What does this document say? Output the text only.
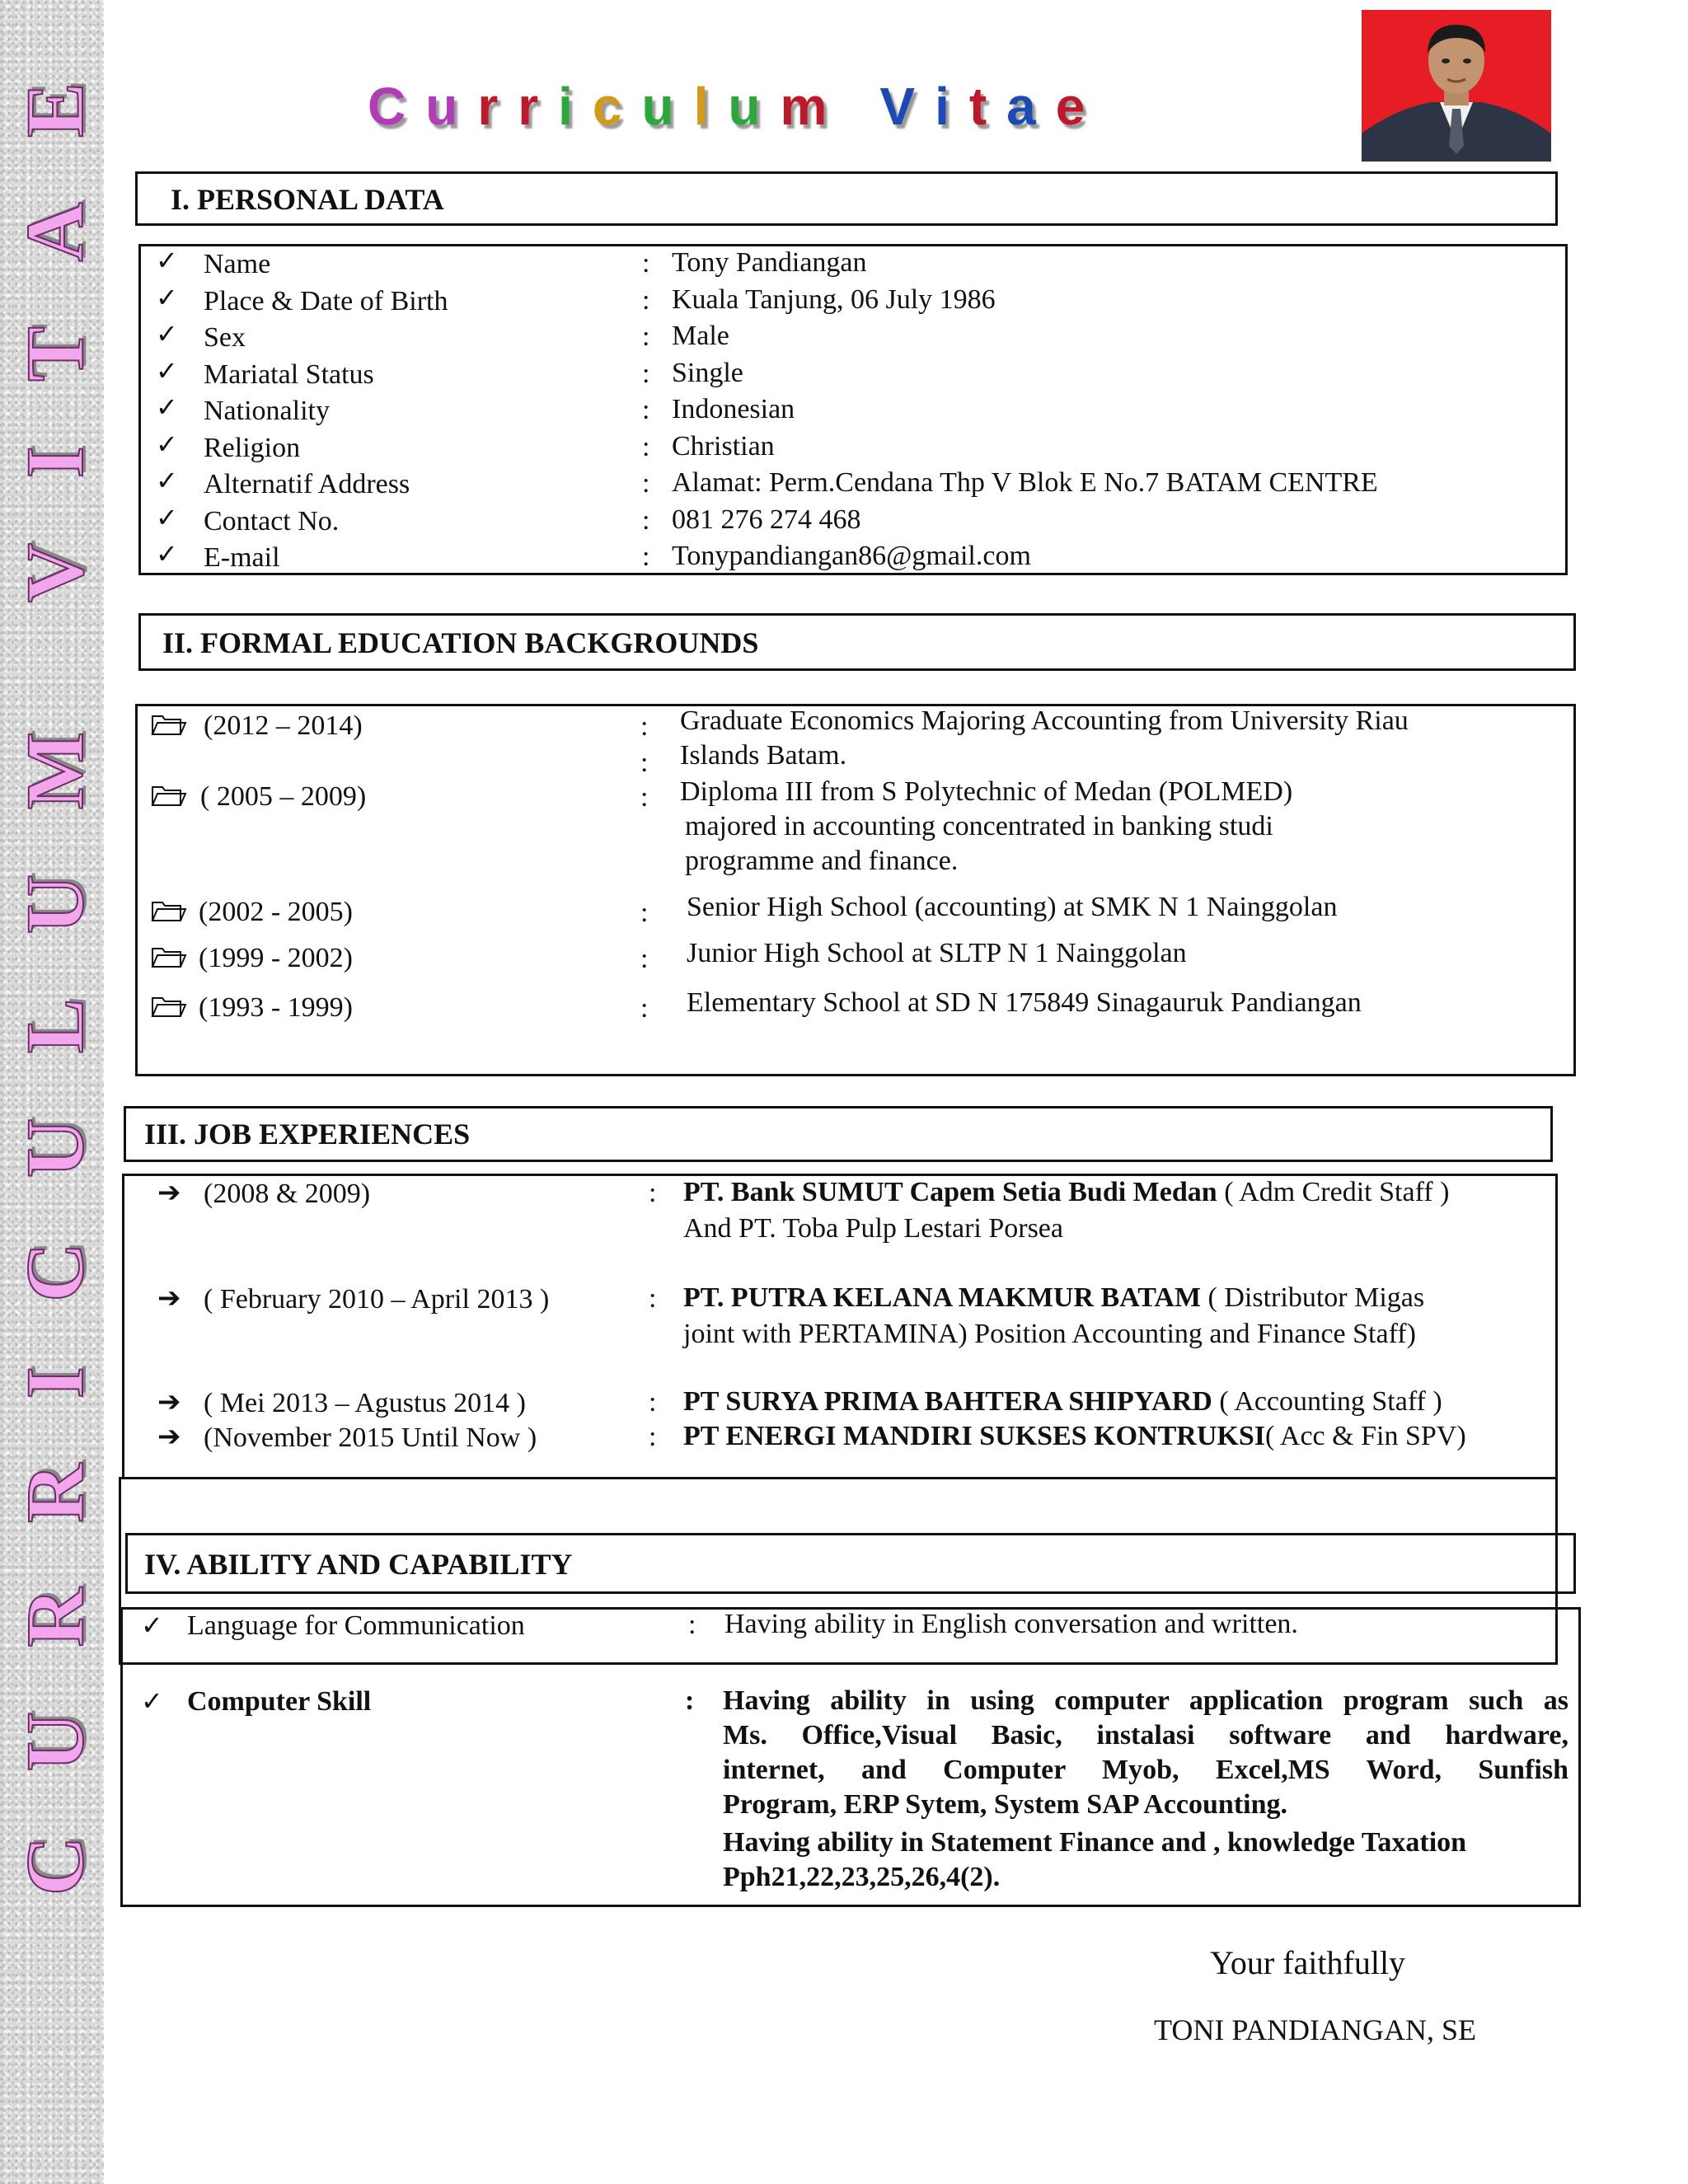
C
U
R
R
I
C
U
L
U
M
V
I
T
A
E	Curriculum Vitae
I. PERSONAL DATA
✓ Name	: Tony Pandiangan
✓ Place & Date of Birth	: Kuala Tanjung, 06 July 1986
✓ Sex	: Male
✓ Mariatal Status	: Single
✓ Nationality	: Indonesian
✓ Religion	: Christian
✓ Alternatif Address	: Alamat: Perm.Cendana Thp V Blok E No.7 BATAM CENTRE
✓ Contact No.	: 081 276 274 468
✓ E-mail	: Tonypandiangan86@gmail.com
II. FORMAL EDUCATION BACKGROUNDS
(2012 – 2014)	: Graduate Economics Majoring Accounting from University Riau
: Islands Batam.
( 2005 – 2009)	: Diploma III from S Polytechnic of Medan (POLMED)
majored in accounting concentrated in banking studi
programme and finance.
(2002 - 2005)	: Senior High School (accounting) at SMK N 1 Nainggolan
(1999 - 2002)	: Junior High School at SLTP N 1 Nainggolan
(1993 - 1999)	: Elementary School at SD N 175849 Sinagauruk Pandiangan
III. JOB EXPERIENCES
➔ (2008 & 2009)	: PT. Bank SUMUT Capem Setia Budi Medan ( Adm Credit Staff )
And PT. Toba Pulp Lestari Porsea
➔ ( February 2010 – April 2013 )	: PT. PUTRA KELANA MAKMUR BATAM ( Distributor Migas
joint with PERTAMINA) Position Accounting and Finance Staff)
➔ ( Mei 2013 – Agustus 2014 )	: PT SURYA PRIMA BAHTERA SHIPYARD ( Accounting Staff )
➔ (November 2015 Until Now )	: PT ENERGI MANDIRI SUKSES KONTRUKSI( Acc & Fin SPV)
IV. ABILITY AND CAPABILITY
✓ Language for Communication	: Having ability in English conversation and written.
✓ Computer Skill	: Having ability in using computer application program such as
Ms. Office,Visual Basic, instalasi software and hardware,
internet, and Computer Myob, Excel,MS Word, Sunfish
Program, ERP Sytem, System SAP Accounting.
Having ability in Statement Finance and , knowledge Taxation
Pph21,22,23,25,26,4(2).
Your faithfully
TONI PANDIANGAN, SE
